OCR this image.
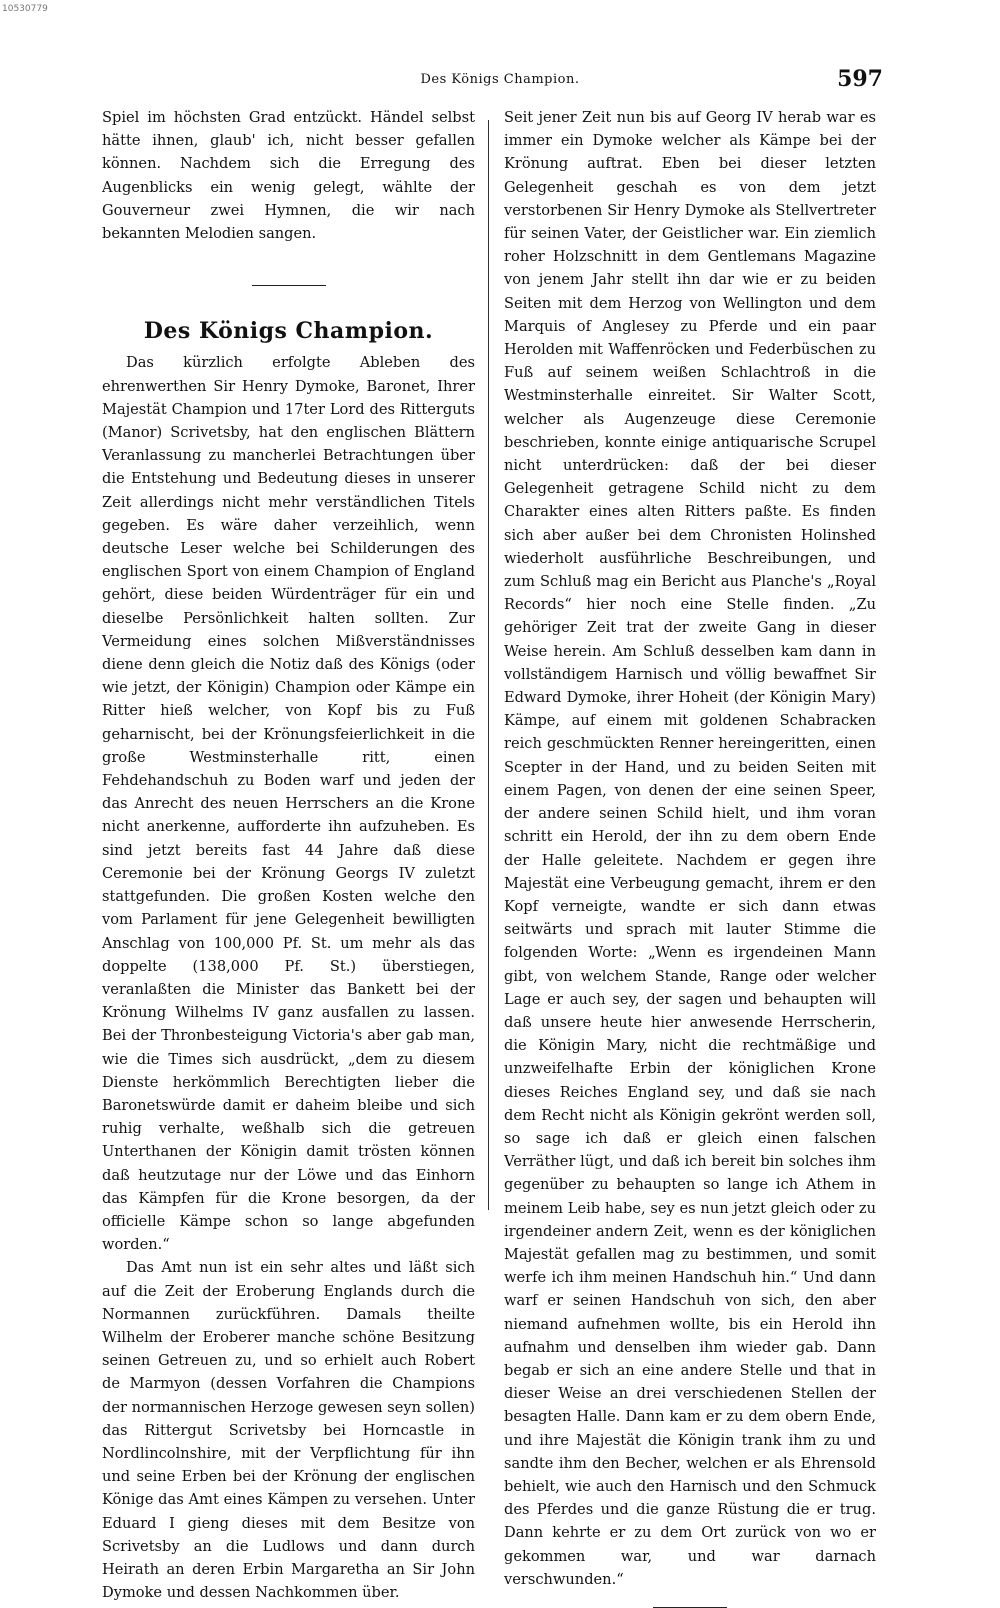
10530779
Des Königs Champion.	597

Spiel im höchsten Grad entzückt. Händel selbst hätte ihnen, glaub' ich, nicht besser gefallen können. Nachdem sich die Erregung des Augenblicks ein wenig gelegt, wählte der Gouverneur zwei Hymnen, die wir nach bekannten Melodien sangen.

Des Königs Champion.

Das kürzlich erfolgte Ableben des ehrenwerthen Sir Henry Dymoke, Baronet, Ihrer Majestät Champion und 17ter Lord des Ritterguts (Manor) Scrivetsby, hat den englischen Blättern Veranlassung zu mancherlei Betrachtungen über die Entstehung und Bedeutung dieses in unserer Zeit allerdings nicht mehr verständlichen Titels gegeben. Es wäre daher verzeihlich, wenn deutsche Leser welche bei Schilderungen des englischen Sport von einem Champion of England gehört, diese beiden Würdenträger für ein und dieselbe Persönlichkeit halten sollten. Zur Vermeidung eines solchen Mißverständnisses diene denn gleich die Notiz daß des Königs (oder wie jetzt, der Königin) Champion oder Kämpe ein Ritter hieß welcher, von Kopf bis zu Fuß geharnischt, bei der Krönungsfeierlichkeit in die große Westminsterhalle ritt, einen Fehdehandschuh zu Boden warf und jeden der das Anrecht des neuen Herrschers an die Krone nicht anerkenne, aufforderte ihn aufzuheben. Es sind jetzt bereits fast 44 Jahre daß diese Ceremonie bei der Krönung Georgs IV zuletzt stattgefunden. Die großen Kosten welche den vom Parlament für jene Gelegenheit bewilligten Anschlag von 100,000 Pf. St. um mehr als das doppelte (138,000 Pf. St.) überstiegen, veranlaßten die Minister das Bankett bei der Krönung Wilhelms IV ganz ausfallen zu lassen. Bei der Thronbesteigung Victoria's aber gab man, wie die Times sich ausdrückt, „dem zu diesem Dienste herkömmlich Berechtigten lieber die Baronetswürde damit er daheim bleibe und sich ruhig verhalte, weßhalb sich die getreuen Unterthanen der Königin damit trösten können daß heutzutage nur der Löwe und das Einhorn das Kämpfen für die Krone besorgen, da der officielle Kämpe schon so lange abgefunden worden.“

Das Amt nun ist ein sehr altes und läßt sich auf die Zeit der Eroberung Englands durch die Normannen zurückführen. Damals theilte Wilhelm der Eroberer manche schöne Besitzung seinen Getreuen zu, und so erhielt auch Robert de Marmyon (dessen Vorfahren die Champions der normannischen Herzoge gewesen seyn sollen) das Rittergut Scrivetsby bei Horncastle in Nordlincolnshire, mit der Verpflichtung für ihn und seine Erben bei der Krönung der englischen Könige das Amt eines Kämpen zu versehen. Unter Eduard I gieng dieses mit dem Besitze von Scrivetsby an die Ludlows und dann durch Heirath an deren Erbin Margaretha an Sir John Dymoke und dessen Nachkommen über.

Seit jener Zeit nun bis auf Georg IV herab war es immer ein Dymoke welcher als Kämpe bei der Krönung auftrat. Eben bei dieser letzten Gelegenheit geschah es von dem jetzt verstorbenen Sir Henry Dymoke als Stellvertreter für seinen Vater, der Geistlicher war. Ein ziemlich roher Holzschnitt in dem Gentlemans Magazine von jenem Jahr stellt ihn dar wie er zu beiden Seiten mit dem Herzog von Wellington und dem Marquis of Anglesey zu Pferde und ein paar Herolden mit Waffenröcken und Federbüschen zu Fuß auf seinem weißen Schlachtroß in die Westminsterhalle einreitet. Sir Walter Scott, welcher als Augenzeuge diese Ceremonie beschrieben, konnte einige antiquarische Scrupel nicht unterdrücken: daß der bei dieser Gelegenheit getragene Schild nicht zu dem Charakter eines alten Ritters paßte. Es finden sich aber außer bei dem Chronisten Holinshed wiederholt ausführliche Beschreibungen, und zum Schluß mag ein Bericht aus Planche's „Royal Records“ hier noch eine Stelle finden. „Zu gehöriger Zeit trat der zweite Gang in dieser Weise herein. Am Schluß desselben kam dann in vollständigem Harnisch und völlig bewaffnet Sir Edward Dymoke, ihrer Hoheit (der Königin Mary) Kämpe, auf einem mit goldenen Schabracken reich geschmückten Renner hereingeritten, einen Scepter in der Hand, und zu beiden Seiten mit einem Pagen, von denen der eine seinen Speer, der andere seinen Schild hielt, und ihm voran schritt ein Herold, der ihn zu dem obern Ende der Halle geleitete. Nachdem er gegen ihre Majestät eine Verbeugung gemacht, ihrem er den Kopf verneigte, wandte er sich dann etwas seitwärts und sprach mit lauter Stimme die folgenden Worte: „Wenn es irgendeinen Mann gibt, von welchem Stande, Range oder welcher Lage er auch sey, der sagen und behaupten will daß unsere heute hier anwesende Herrscherin, die Königin Mary, nicht die rechtmäßige und unzweifelhafte Erbin der königlichen Krone dieses Reiches England sey, und daß sie nach dem Recht nicht als Königin gekrönt werden soll, so sage ich daß er gleich einen falschen Verräther lügt, und daß ich bereit bin solches ihm gegenüber zu behaupten so lange ich Athem in meinem Leib habe, sey es nun jetzt gleich oder zu irgendeiner andern Zeit, wenn es der königlichen Majestät gefallen mag zu bestimmen, und somit werfe ich ihm meinen Handschuh hin.“ Und dann warf er seinen Handschuh von sich, den aber niemand aufnehmen wollte, bis ein Herold ihn aufnahm und denselben ihm wieder gab. Dann begab er sich an eine andere Stelle und that in dieser Weise an drei verschiedenen Stellen der besagten Halle. Dann kam er zu dem obern Ende, und ihre Majestät die Königin trank ihm zu und sandte ihm den Becher, welchen er als Ehrensold behielt, wie auch den Harnisch und den Schmuck des Pferdes und die ganze Rüstung die er trug. Dann kehrte er zu dem Ort zurück von wo er gekommen war, und war darnach verschwunden.“
